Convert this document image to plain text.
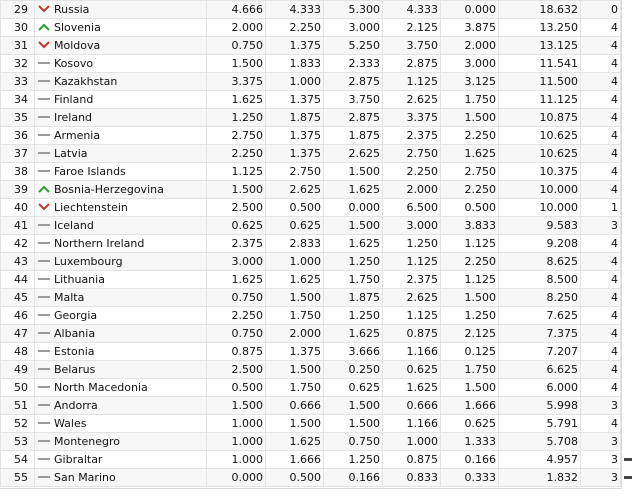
29	Russia	4.666	4.333	5.300	4.333	0.000	18.632	0
30	Slovenia	2.000	2.250	3.000	2.125	3.875	13.250	4
31	Moldova	0.750	1.375	5.250	3.750	2.000	13.125	4
32	Kosovo	1.500	1.833	2.333	2.875	3.000	11.541	4
33	Kazakhstan	3.375	1.000	2.875	1.125	3.125	11.500	4
34	Finland	1.625	1.375	3.750	2.625	1.750	11.125	4
35	Ireland	1.250	1.875	2.875	3.375	1.500	10.875	4
36	Armenia	2.750	1.375	1.875	2.375	2.250	10.625	4
37	Latvia	2.250	1.375	2.625	2.750	1.625	10.625	4
38	Faroe Islands	1.125	2.750	1.500	2.250	2.750	10.375	4
39	Bosnia-Herzegovina	1.500	2.625	1.625	2.000	2.250	10.000	4
40	Liechtenstein	2.500	0.500	0.000	6.500	0.500	10.000	1
41	Iceland	0.625	0.625	1.500	3.000	3.833	9.583	3
42	Northern Ireland	2.375	2.833	1.625	1.250	1.125	9.208	4
43	Luxembourg	3.000	1.000	1.250	1.125	2.250	8.625	4
44	Lithuania	1.625	1.625	1.750	2.375	1.125	8.500	4
45	Malta	0.750	1.500	1.875	2.625	1.500	8.250	4
46	Georgia	2.250	1.750	1.250	1.125	1.250	7.625	4
47	Albania	0.750	2.000	1.625	0.875	2.125	7.375	4
48	Estonia	0.875	1.375	3.666	1.166	0.125	7.207	4
49	Belarus	2.500	1.500	0.250	0.625	1.750	6.625	4
50	North Macedonia	0.500	1.750	0.625	1.625	1.500	6.000	4
51	Andorra	1.500	0.666	1.500	0.666	1.666	5.998	3
52	Wales	1.000	1.500	1.500	1.166	0.625	5.791	4
53	Montenegro	1.000	1.625	0.750	1.000	1.333	5.708	3
54	Gibraltar	1.000	1.666	1.250	0.875	0.166	4.957	3
55	San Marino	0.000	0.500	0.166	0.833	0.333	1.832	3
